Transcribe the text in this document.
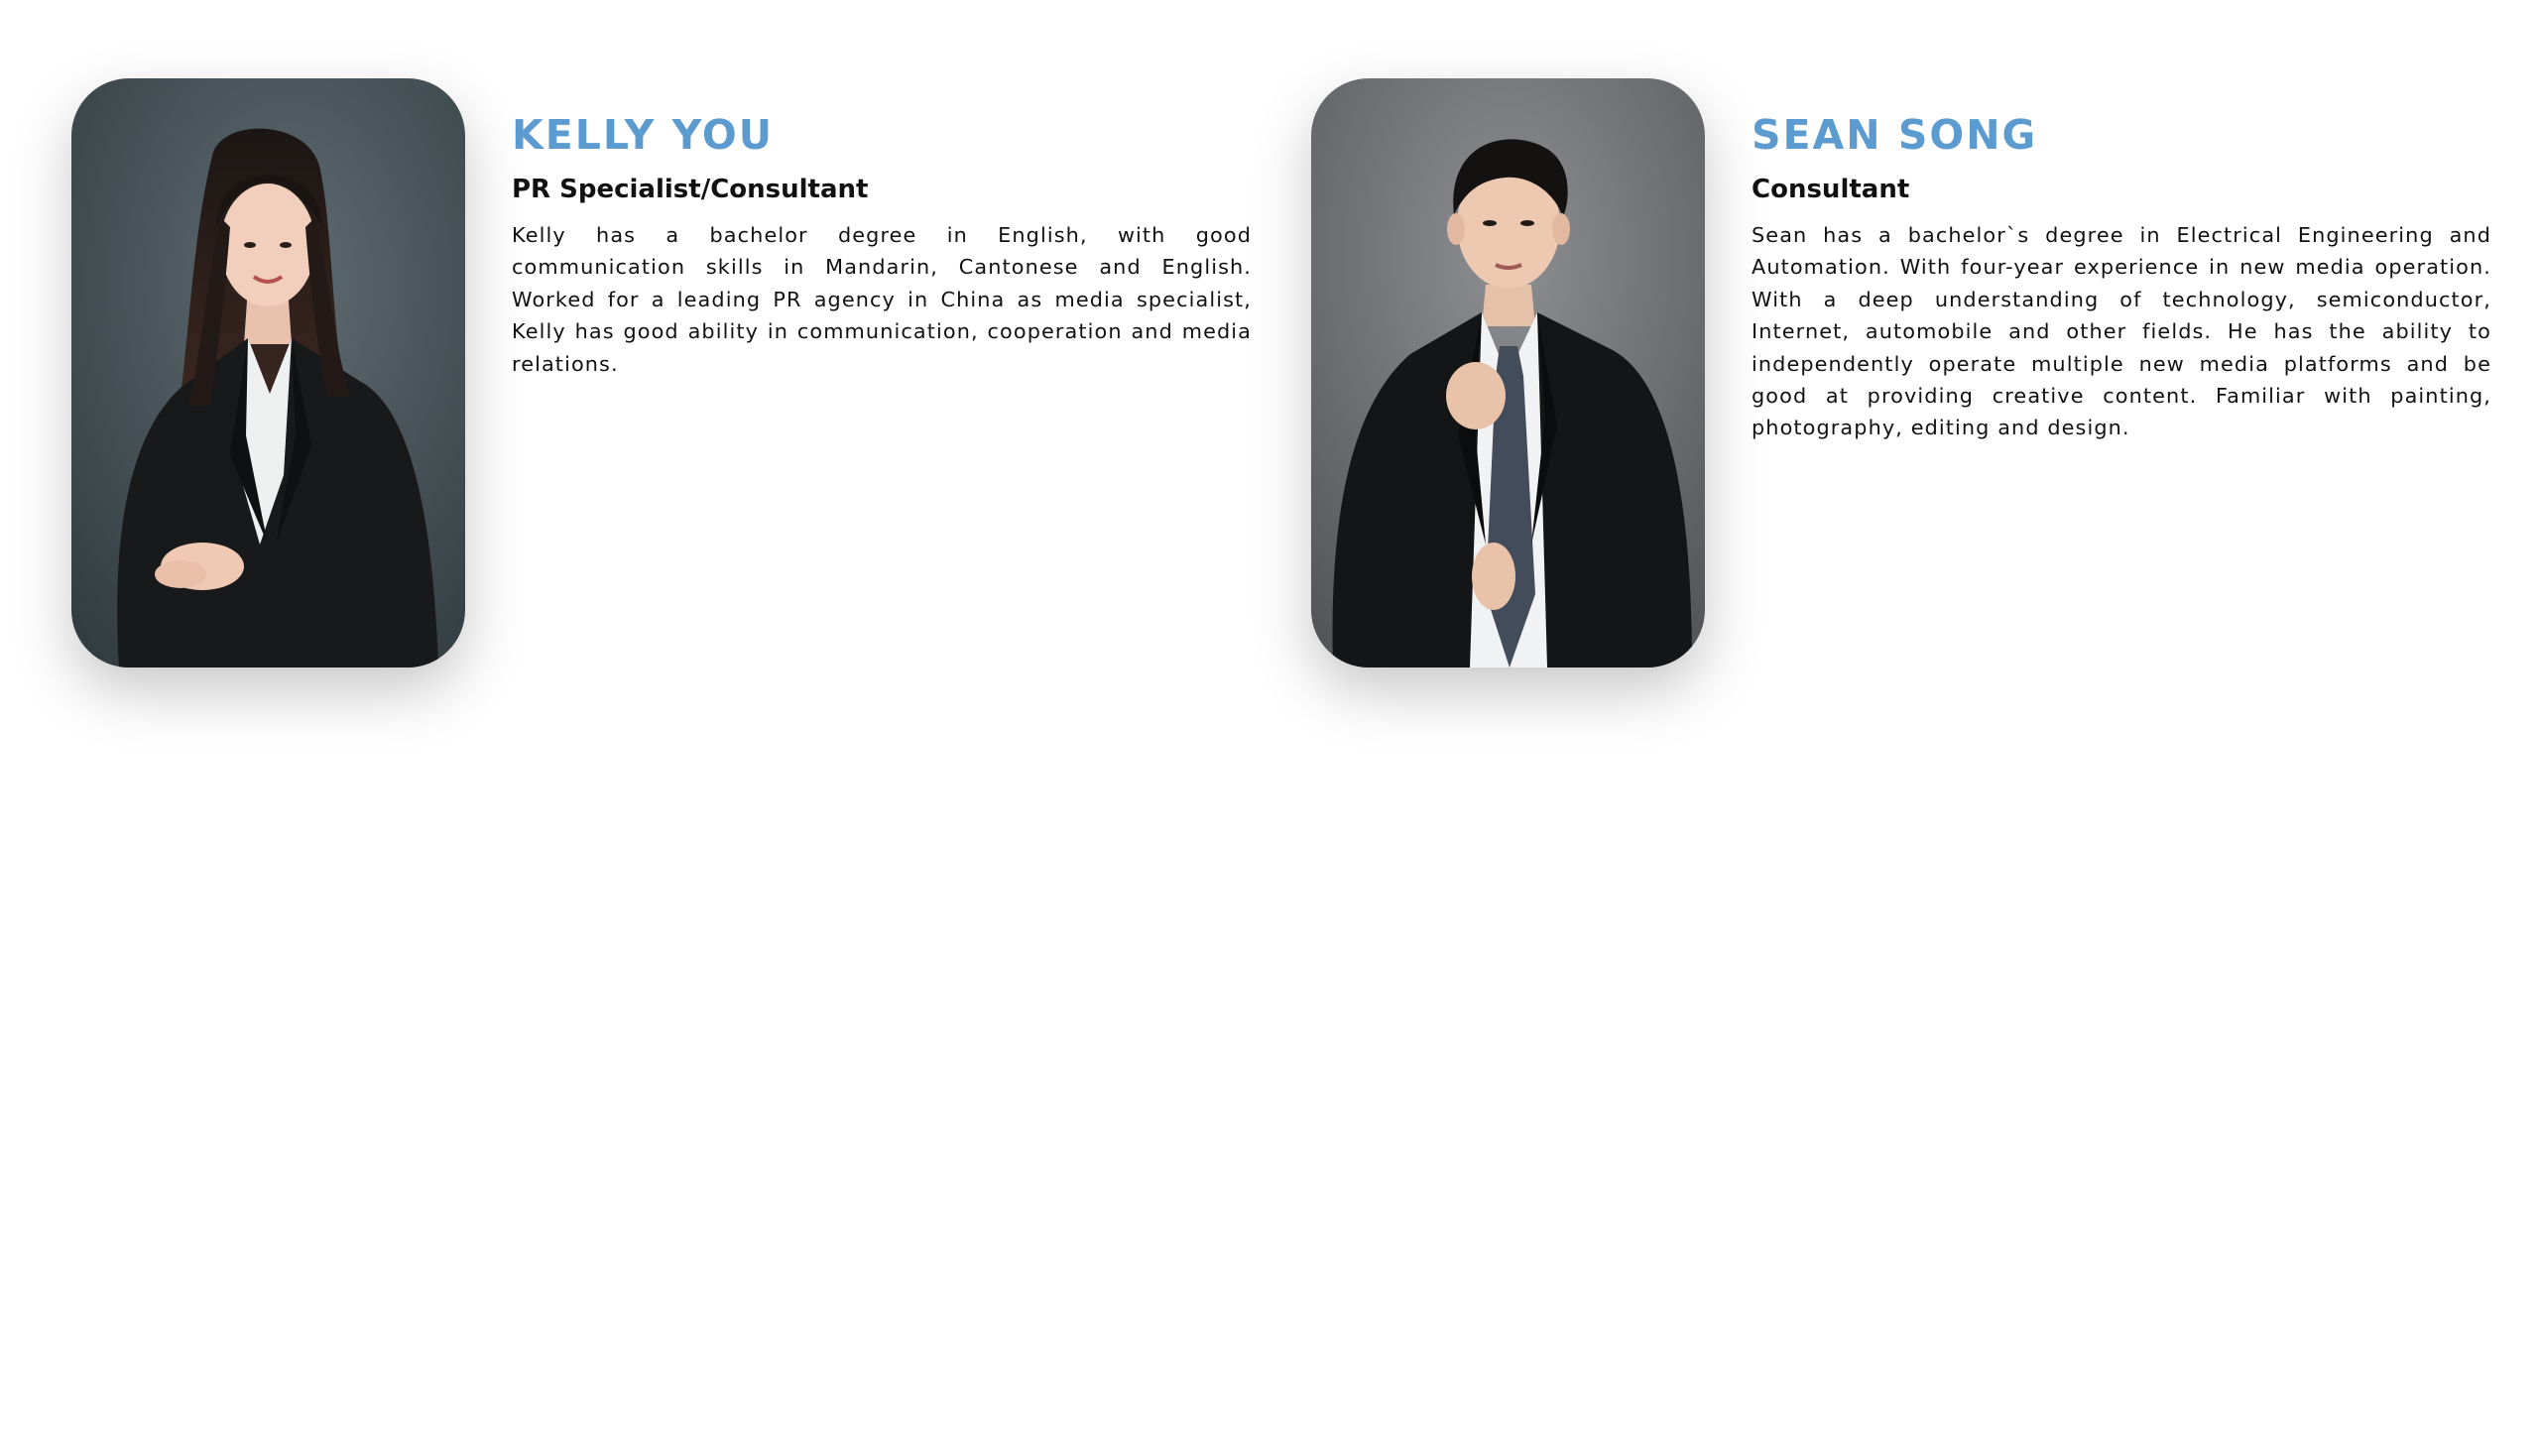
KELLY YOU
PR Specialist/Consultant
Kelly has a bachelor degree in English, with good communication skills in Mandarin, Cantonese and English. Worked for a leading PR agency in China as media specialist, Kelly has good ability in communication, cooperation and media relations.
SEAN SONG
Consultant
Sean has a bachelor`s degree in Electrical Engineering and Automation. With four-year experience in new media operation. With a deep understanding of technology, semiconductor, Internet, automobile and other fields. He has the ability to independently operate multiple new media platforms and be good at providing creative content. Familiar with painting, photography, editing and design.
